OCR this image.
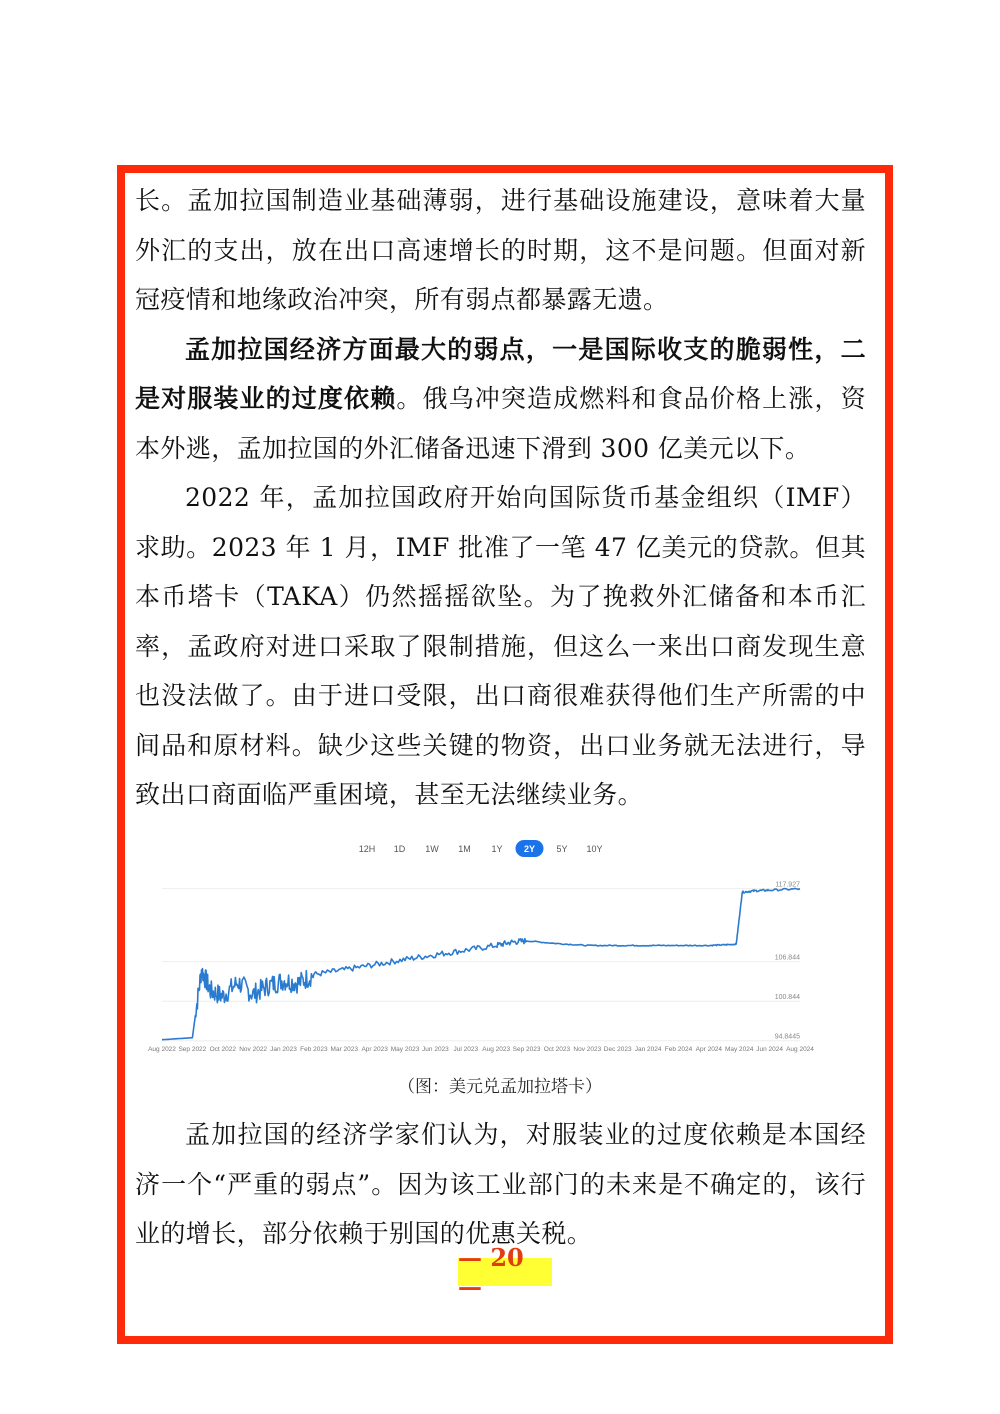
长。孟加拉国制造业基础薄弱，进行基础设施建设，意味着大量外汇的支出，放在出口高速增长的时期，这不是问题。但面对新冠疫情和地缘政治冲突，所有弱点都暴露无遗。

孟加拉国经济方面最大的弱点，一是国际收支的脆弱性，二是对服装业的过度依赖。俄乌冲突造成燃料和食品价格上涨，资本外逃，孟加拉国的外汇储备迅速下滑到 300 亿美元以下。

2022 年，孟加拉国政府开始向国际货币基金组织（IMF）求助。2023 年 1 月，IMF 批准了一笔 47 亿美元的贷款。但其本币塔卡（TAKA）仍然摇摇欲坠。为了挽救外汇储备和本币汇率，孟政府对进口采取了限制措施，但这么一来出口商发现生意也没法做了。由于进口受限，出口商很难获得他们生产所需的中间品和原材料。缺少这些关键的物资，出口业务就无法进行，导致出口商面临严重困境，甚至无法继续业务。

12H 1D 1W 1M 1Y 2Y 5Y 10Y
117.927
106.844
100.844
94.8445
Aug 2022 Sep 2022 Oct 2022 Nov 2022 Jan 2023 Feb 2023 Mar 2023 Apr 2023 May 2023 Jun 2023 Jul 2023 Aug 2023 Sep 2023 Oct 2023 Nov 2023 Dec 2023 Jan 2024 Feb 2024 Apr 2024 May 2024 Jun 2024 Aug 2024
（图：美元兑孟加拉塔卡）

孟加拉国的经济学家们认为，对服装业的过度依赖是本国经济一个“严重的弱点”。因为该工业部门的未来是不确定的，该行业的增长，部分依赖于别国的优惠关税。

— 20 —
